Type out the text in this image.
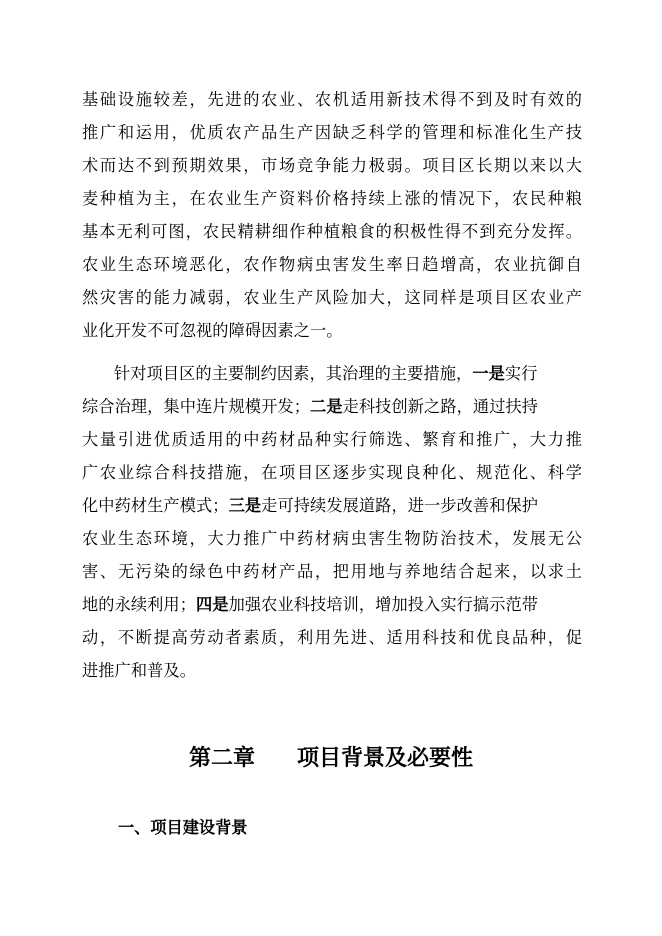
基础设施较差，先进的农业、农机适用新技术得不到及时有效的
推广和运用，优质农产品生产因缺乏科学的管理和标准化生产技
术而达不到预期效果，市场竞争能力极弱。项目区长期以来以大
麦种植为主，在农业生产资料价格持续上涨的情况下，农民种粮
基本无利可图，农民精耕细作种植粮食的积极性得不到充分发挥。
农业生态环境恶化，农作物病虫害发生率日趋增高，农业抗御自
然灾害的能力减弱，农业生产风险加大，这同样是项目区农业产
业化开发不可忽视的障碍因素之一。
针对项目区的主要制约因素，其治理的主要措施，一是实行
综合治理，集中连片规模开发；二是走科技创新之路，通过扶持
大量引进优质适用的中药材品种实行筛选、繁育和推广，大力推
广农业综合科技措施，在项目区逐步实现良种化、规范化、科学
化中药材生产模式；三是走可持续发展道路，进一步改善和保护
农业生态环境，大力推广中药材病虫害生物防治技术，发展无公
害、无污染的绿色中药材产品，把用地与养地结合起来，以求土
地的永续利用；四是加强农业科技培训，增加投入实行搞示范带
动，不断提高劳动者素质，利用先进、适用科技和优良品种，促
进推广和普及。
第二章 项目背景及必要性
一、项目建设背景
